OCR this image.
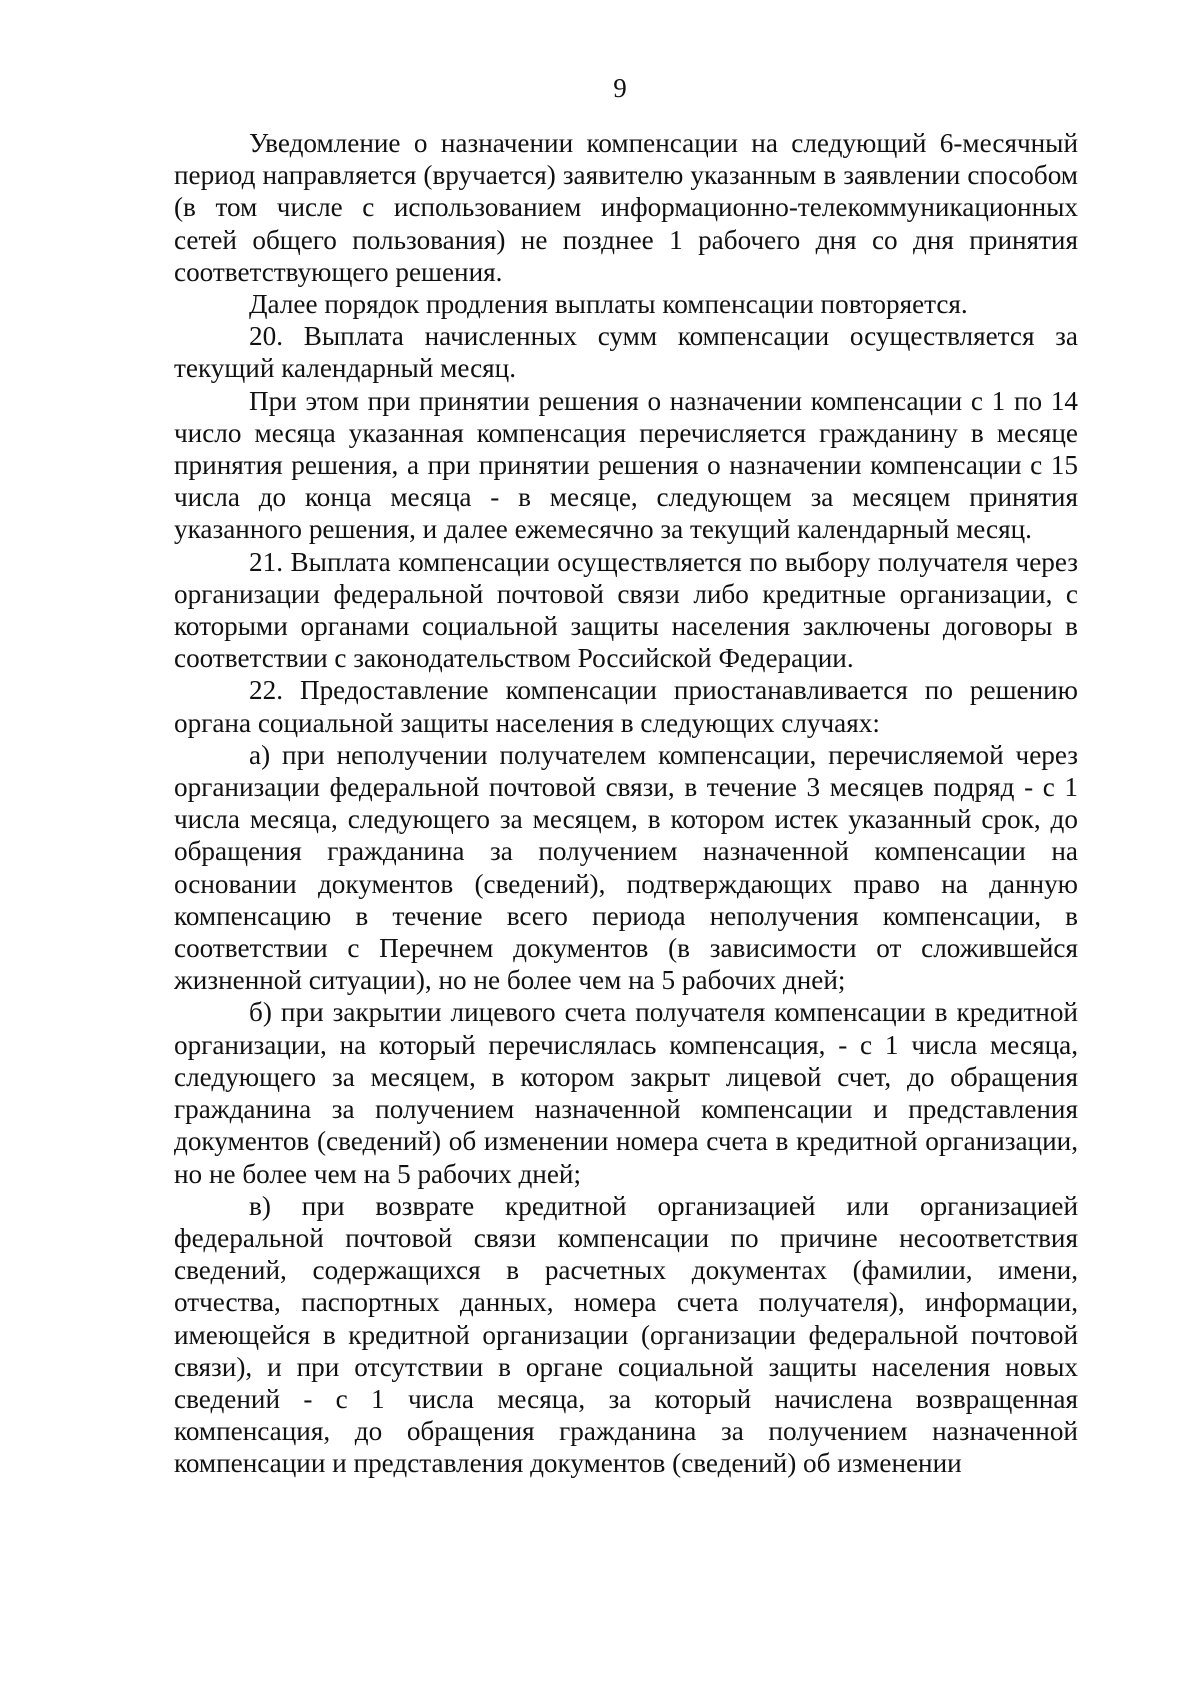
9

Уведомление о назначении компенсации на следующий 6-месячный период направляется (вручается) заявителю указанным в заявлении способом (в том числе с использованием информационно-телекоммуникационных сетей общего пользования) не позднее 1 рабочего дня со дня принятия соответствующего решения.

Далее порядок продления выплаты компенсации повторяется.

20. Выплата начисленных сумм компенсации осуществляется за текущий календарный месяц.

При этом при принятии решения о назначении компенсации с 1 по 14 число месяца указанная компенсация перечисляется гражданину в месяце принятия решения, а при принятии решения о назначении компенсации с 15 числа до конца месяца - в месяце, следующем за месяцем принятия указанного решения, и далее ежемесячно за текущий календарный месяц.

21. Выплата компенсации осуществляется по выбору получателя через организации федеральной почтовой связи либо кредитные организации, с которыми органами социальной защиты населения заключены договоры в соответствии с законодательством Российской Федерации.

22. Предоставление компенсации приостанавливается по решению органа социальной защиты населения в следующих случаях:

а) при неполучении получателем компенсации, перечисляемой через организации федеральной почтовой связи, в течение 3 месяцев подряд - с 1 числа месяца, следующего за месяцем, в котором истек указанный срок, до обращения гражданина за получением назначенной компенсации на основании документов (сведений), подтверждающих право на данную компенсацию в течение всего периода неполучения компенсации, в соответствии с Перечнем документов (в зависимости от сложившейся жизненной ситуации), но не более чем на 5 рабочих дней;

б) при закрытии лицевого счета получателя компенсации в кредитной организации, на который перечислялась компенсация, - с 1 числа месяца, следующего за месяцем, в котором закрыт лицевой счет, до обращения гражданина за получением назначенной компенсации и представления документов (сведений) об изменении номера счета в кредитной организации, но не более чем на 5 рабочих дней;

в) при возврате кредитной организацией или организацией федеральной почтовой связи компенсации по причине несоответствия сведений, содержащихся в расчетных документах (фамилии, имени, отчества, паспортных данных, номера счета получателя), информации, имеющейся в кредитной организации (организации федеральной почтовой связи), и при отсутствии в органе социальной защиты населения новых сведений - с 1 числа месяца, за который начислена возвращенная компенсация, до обращения гражданина за получением назначенной компенсации и представления документов (сведений) об изменении
